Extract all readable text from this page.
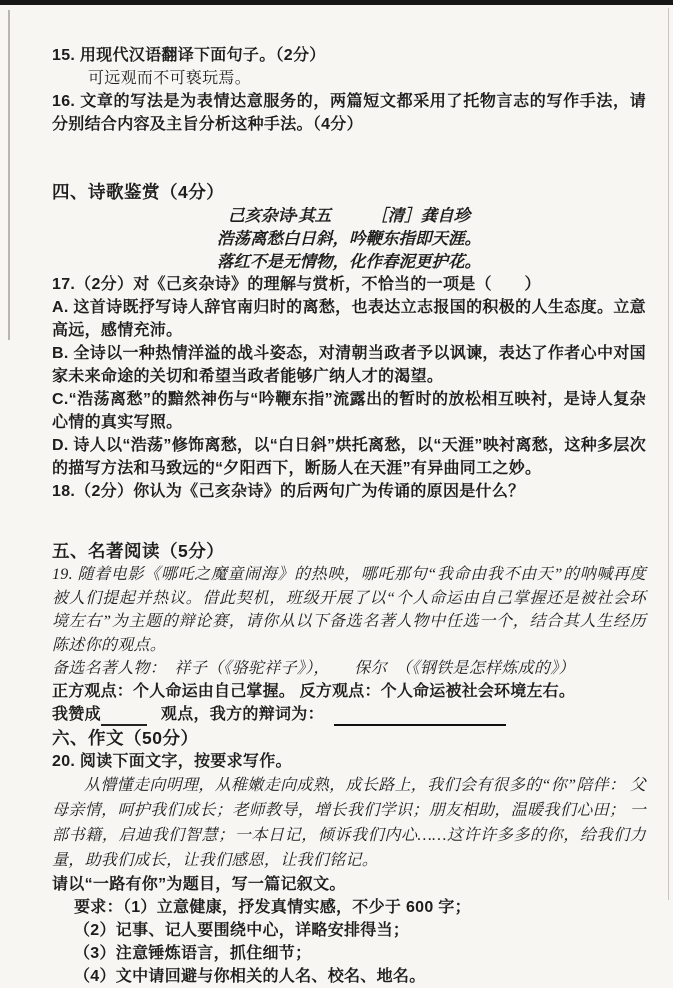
15. 用现代汉语翻译下面句子。（2分）

可远观而不可亵玩焉。

16. 文章的写法是为表情达意服务的，两篇短文都采用了托物言志的写作手法，请分别结合内容及主旨分析这种手法。（4分）

四、诗歌鉴赏（4分）

己亥杂诗·其五 ［清］龚自珍

浩荡离愁白日斜，吟鞭东指即天涯。

落红不是无情物，化作春泥更护花。

17.（2分）对《己亥杂诗》的理解与赏析，不恰当的一项是（　　）

A. 这首诗既抒写诗人辞官南归时的离愁，也表达立志报国的积极的人生态度。立意高远，感情充沛。

B. 全诗以一种热情洋溢的战斗姿态，对清朝当政者予以讽谏，表达了作者心中对国家未来命途的关切和希望当政者能够广纳人才的渴望。

C.“浩荡离愁”的黯然神伤与“吟鞭东指”流露出的暂时的放松相互映衬，是诗人复杂心情的真实写照。

D. 诗人以“浩荡”修饰离愁，以“白日斜”烘托离愁，以“天涯”映衬离愁，这种多层次的描写方法和马致远的“夕阳西下，断肠人在天涯”有异曲同工之妙。

18.（2分）你认为《己亥杂诗》的后两句广为传诵的原因是什么？

五、名著阅读（5分）

19. 随着电影《哪吒之魔童闹海》的热映，哪吒那句“我命由我不由天”的呐喊再度被人们提起并热议。借此契机，班级开展了以“个人命运由自己掌握还是被社会环境左右”为主题的辩论赛，请你从以下备选名著人物中任选一个，结合其人生经历陈述你的观点。

备选名著人物：　祥子（《骆驼祥子》），　　保尔　（《钢铁是怎样炼成的》）

正方观点：个人命运由自己掌握。 反方观点：个人命运被社会环境左右。

我赞成	观点，我方的辩词为：

六、作文（50分）

20. 阅读下面文字，按要求写作。

从懵懂走向明理，从稚嫩走向成熟，成长路上，我们会有很多的“你”陪伴： 父母亲情，呵护我们成长；老师教导，增长我们学识；朋友相助，温暖我们心田； 一部书籍，启迪我们智慧；一本日记，倾诉我们内心……这许许多多的你，给我们力量，助我们成长，让我们感恩，让我们铭记。

请以“一路有你”为题目，写一篇记叙文。

要求：（1）立意健康，抒发真情实感，不少于 600 字；

（2）记事、记人要围绕中心，详略安排得当；

（3）注意锤炼语言，抓住细节；

（4）文中请回避与你相关的人名、校名、地名。
